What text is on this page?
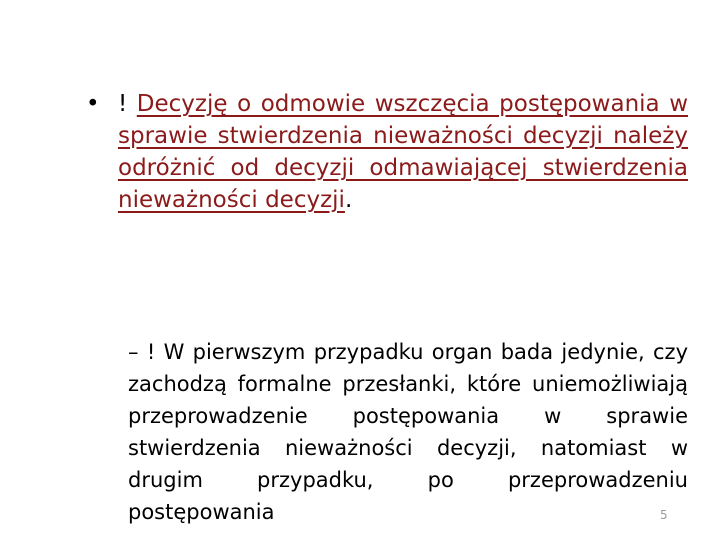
• ! Decyzję o odmowie wszczęcia postępowania w sprawie stwierdzenia nieważności decyzji należy odróżnić od decyzji odmawiającej stwierdzenia nieważności decyzji.
– ! W pierwszym przypadku organ bada jedynie, czy zachodzą formalne przesłanki, które uniemożliwiają przeprowadzenie postępowania w sprawie stwierdzenia nieważności decyzji, natomiast w drugim przypadku, po przeprowadzeniu postępowania	5
